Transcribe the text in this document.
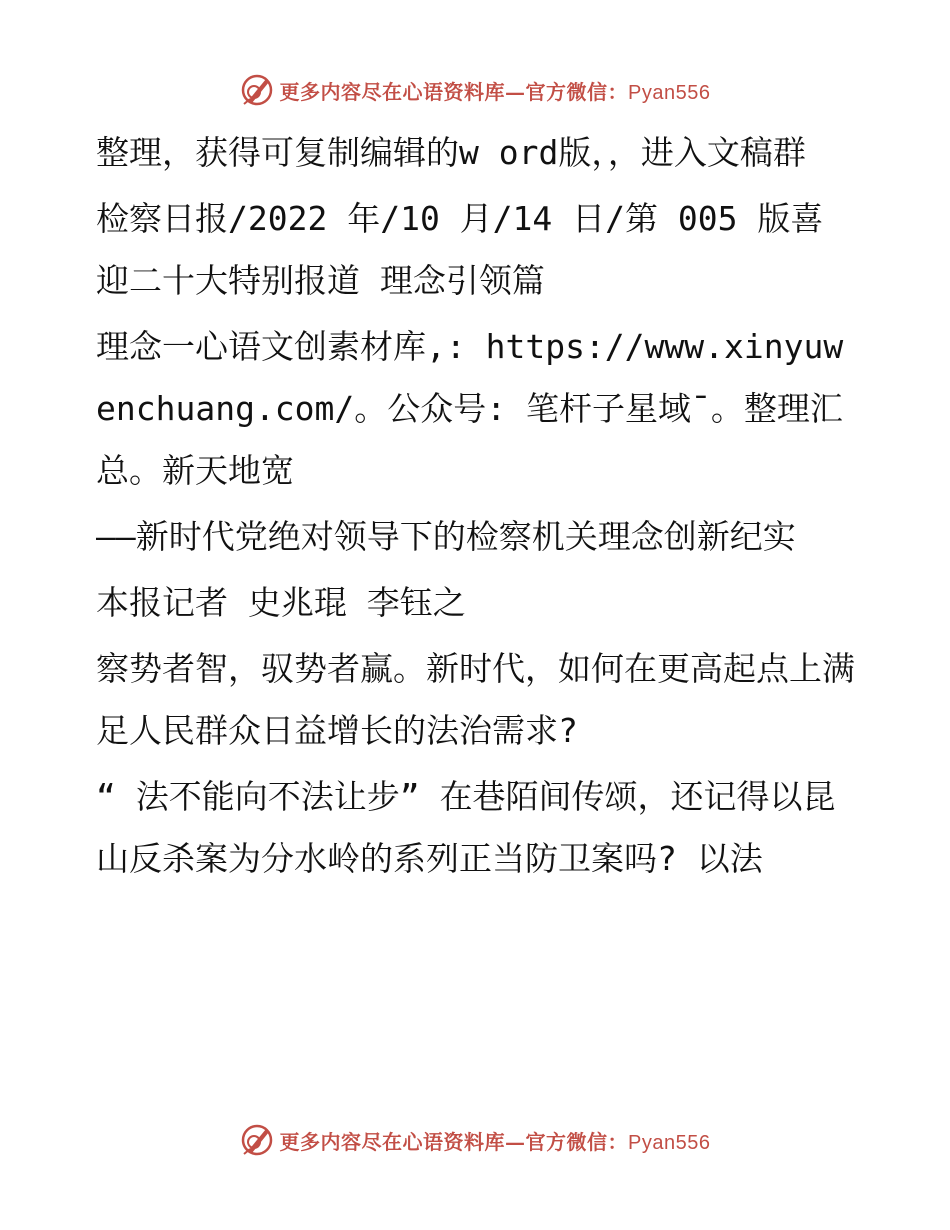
更多内容尽在心语资料库—官方微信：Pyan556

整理，获得可复制编辑的w ord版，，进入文稿群

检察日报/2022 年/10 月/14 日/第 005 版喜迎二十大特别报道 理念引领篇

理念一心语文创素材库,: https://www.xinyuwenchuang.com/。公众号: 笔杆子星域¯。整理汇总。新天地宽

——新时代党绝对领导下的检察机关理念创新纪实

本报记者 史兆琨 李钰之

察势者智，驭势者赢。新时代，如何在更高起点上满足人民群众日益增长的法治需求?

“ 法不能向不法让步” 在巷陌间传颂，还记得以昆山反杀案为分水岭的系列正当防卫案吗? 以法

更多内容尽在心语资料库—官方微信：Pyan556
